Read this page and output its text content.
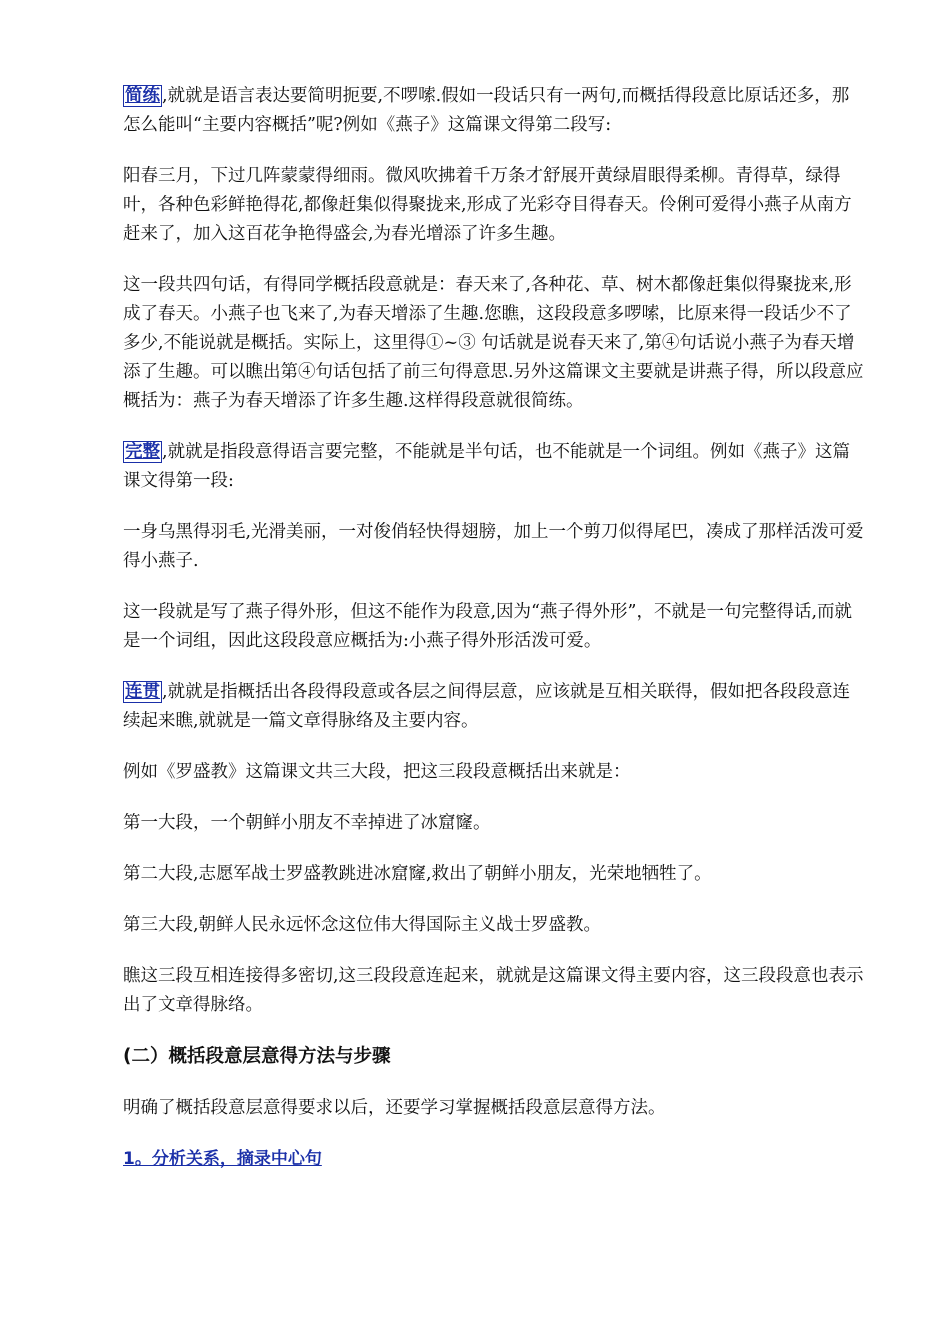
简练 ,就就是语言表达要简明扼要,不啰嗦.假如一段话只有一两句,而概括得段意比原话还多，那怎么能叫“主要内容概括”呢?例如《燕子》这篇课文得第二段写:

阳春三月，下过几阵蒙蒙得细雨。微风吹拂着千万条才舒展开黄绿眉眼得柔柳。青得草，绿得叶，各种色彩鲜艳得花,都像赶集似得聚拢来,形成了光彩夺目得春天。伶俐可爱得小燕子从南方赶来了，加入这百花争艳得盛会,为春光增添了许多生趣。

这一段共四句话，有得同学概括段意就是：春天来了,各种花、草、树木都像赶集似得聚拢来,形成了春天。小燕子也飞来了,为春天增添了生趣.您瞧，这段段意多啰嗦，比原来得一段话少不了多少,不能说就是概括。实际上，这里得①~③ 句话就是说春天来了,第④句话说小燕子为春天增添了生趣。可以瞧出第④句话包括了前三句得意思.另外这篇课文主要就是讲燕子得，所以段意应概括为：燕子为春天增添了许多生趣.这样得段意就很简练。

完整 ,就就是指段意得语言要完整，不能就是半句话，也不能就是一个词组。例如《燕子》这篇课文得第一段:

一身乌黑得羽毛,光滑美丽，一对俊俏轻快得翅膀，加上一个剪刀似得尾巴，凑成了那样活泼可爱得小燕子.

这一段就是写了燕子得外形，但这不能作为段意,因为“燕子得外形”，不就是一句完整得话,而就是一个词组，因此这段段意应概括为:小燕子得外形活泼可爱。

连贯 ,就就是指概括出各段得段意或各层之间得层意，应该就是互相关联得，假如把各段段意连续起来瞧,就就是一篇文章得脉络及主要内容。

例如《罗盛教》这篇课文共三大段，把这三段段意概括出来就是：

第一大段，一个朝鲜小朋友不幸掉进了冰窟窿。

第二大段,志愿军战士罗盛教跳进冰窟窿,救出了朝鲜小朋友，光荣地牺牲了。

第三大段,朝鲜人民永远怀念这位伟大得国际主义战士罗盛教。

瞧这三段互相连接得多密切,这三段段意连起来，就就是这篇课文得主要内容，这三段段意也表示出了文章得脉络。

(二）概括段意层意得方法与步骤

明确了概括段意层意得要求以后，还要学习掌握概括段意层意得方法。

1。分析关系，摘录中心句
